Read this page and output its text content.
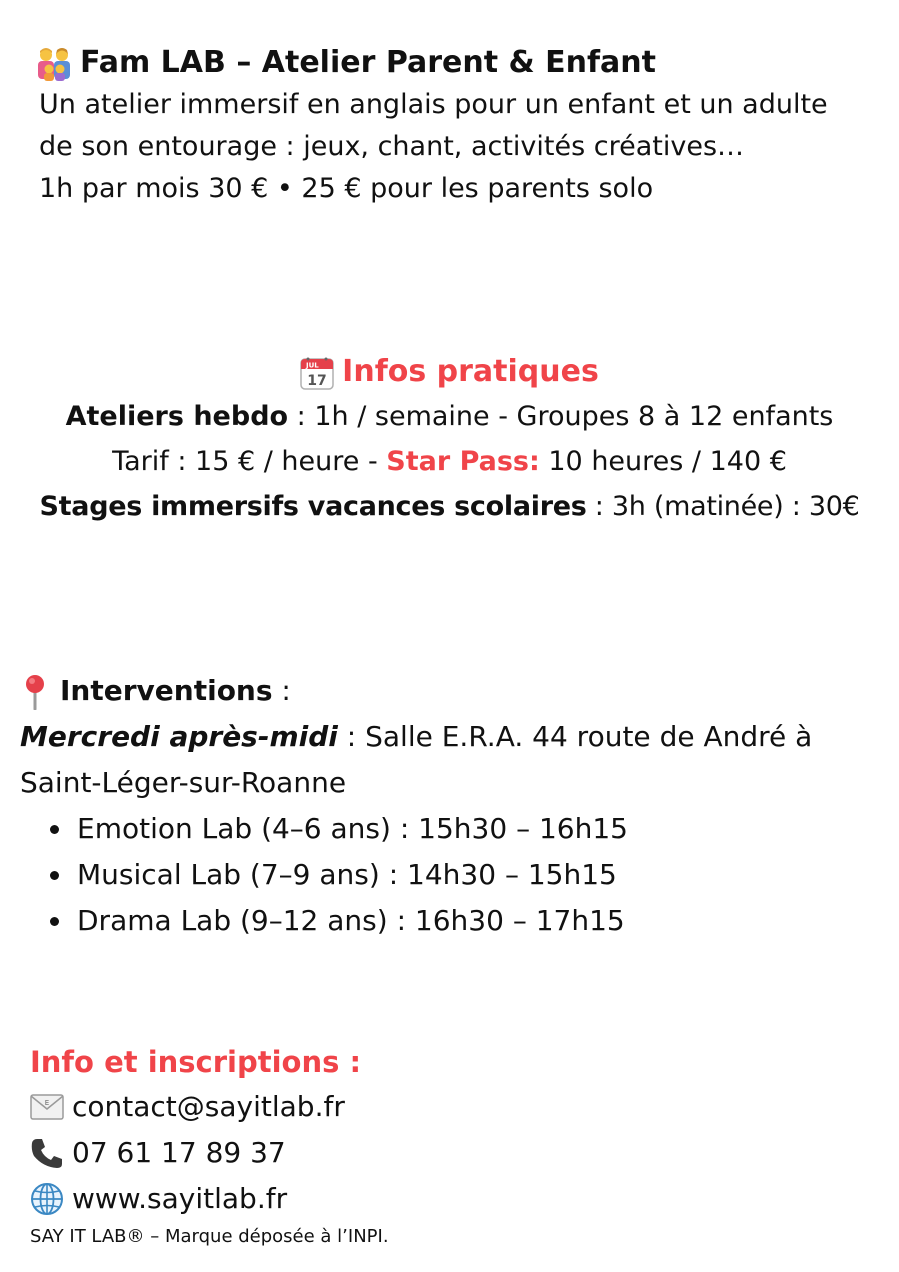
Fam LAB – Atelier Parent & Enfant
Un atelier immersif en anglais pour un enfant et un adulte
de son entourage : jeux, chant, activités créatives…
1h par mois 30 € • 25 € pour les parents solo
JUL
17 Infos pratiques
Ateliers hebdo : 1h / semaine - Groupes 8 à 12 enfants
Tarif : 15 € / heure - Star Pass: 10 heures / 140 €
Stages immersifs vacances scolaires : 3h (matinée) : 30€
Interventions :
Mercredi après-midi : Salle E.R.A. 44 route de André à
Saint-Léger-sur-Roanne
Emotion Lab (4–6 ans) : 15h30 – 16h15
Musical Lab (7–9 ans) : 14h30 – 15h15
Drama Lab (9–12 ans) : 16h30 – 17h15
Info et inscriptions :
E contact@sayitlab.fr
07 61 17 89 37
www.sayitlab.fr
SAY IT LAB® – Marque déposée à l’INPI.
